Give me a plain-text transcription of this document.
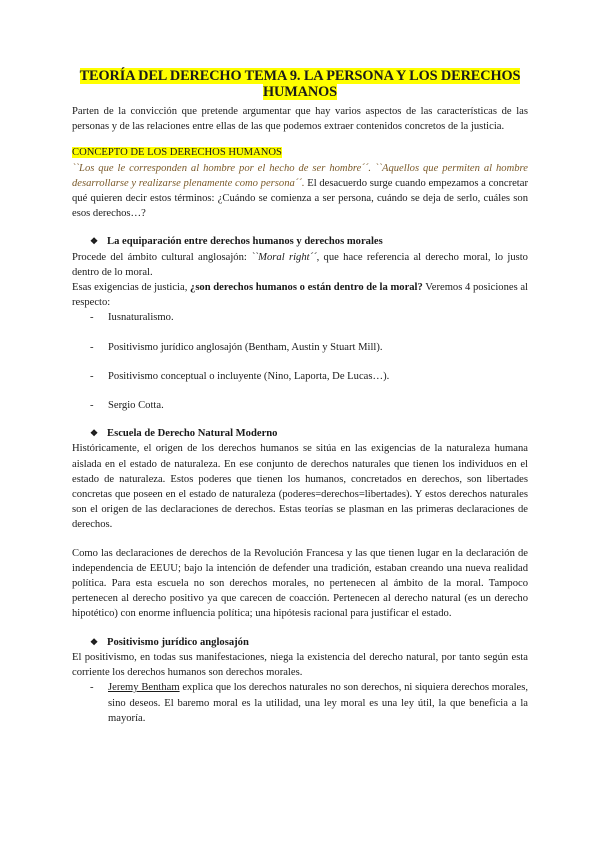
TEORÍA DEL DERECHO TEMA 9. LA PERSONA Y LOS DERECHOS HUMANOS

Parten de la convicción que pretende argumentar que hay varios aspectos de las características de las personas y de las relaciones entre ellas de las que podemos extraer contenidos concretos de la justicia.

CONCEPTO DE LOS DERECHOS HUMANOS

``Los que le corresponden al hombre por el hecho de ser hombre´´. ``Aquellos que permiten al hombre desarrollarse y realizarse plenamente como persona´´. El desacuerdo surge cuando empezamos a concretar qué quieren decir estos términos: ¿Cuándo se comienza a ser persona, cuándo se deja de serlo, cuáles son esos derechos…?

❖ La equiparación entre derechos humanos y derechos morales

Procede del ámbito cultural anglosajón: ``Moral right´´, que hace referencia al derecho moral, lo justo dentro de lo moral.

Esas exigencias de justicia, ¿son derechos humanos o están dentro de la moral? Veremos 4 posiciones al respecto:

- Iusnaturalismo.
- Positivismo jurídico anglosajón (Bentham, Austin y Stuart Mill).
- Positivismo conceptual o incluyente (Nino, Laporta, De Lucas…).
- Sergio Cotta.
❖ Escuela de Derecho Natural Moderno

Históricamente, el origen de los derechos humanos se sitúa en las exigencias de la naturaleza humana aislada en el estado de naturaleza. En ese conjunto de derechos naturales que tienen los individuos en el estado de naturaleza. Estos poderes que tienen los humanos, concretados en derechos, son libertades concretas que poseen en el estado de naturaleza (poderes=derechos=libertades). Y estos derechos naturales son el origen de las declaraciones de derechos. Estas teorías se plasman en las primeras declaraciones de derechos.

Como las declaraciones de derechos de la Revolución Francesa y las que tienen lugar en la declaración de independencia de EEUU; bajo la intención de defender una tradición, estaban creando una nueva realidad política. Para esta escuela no son derechos morales, no pertenecen al ámbito de la moral. Tampoco pertenecen al derecho positivo ya que carecen de coacción. Pertenecen al derecho natural (es un derecho hipotético) con enorme influencia política; una hipótesis racional para justificar el estado.

❖ Positivismo jurídico anglosajón

El positivismo, en todas sus manifestaciones, niega la existencia del derecho natural, por tanto según esta corriente los derechos humanos son derechos morales.

- Jeremy Bentham explica que los derechos naturales no son derechos, ni siquiera derechos morales, sino deseos. El baremo moral es la utilidad, una ley moral es una ley útil, la que beneficia a la mayoría.
